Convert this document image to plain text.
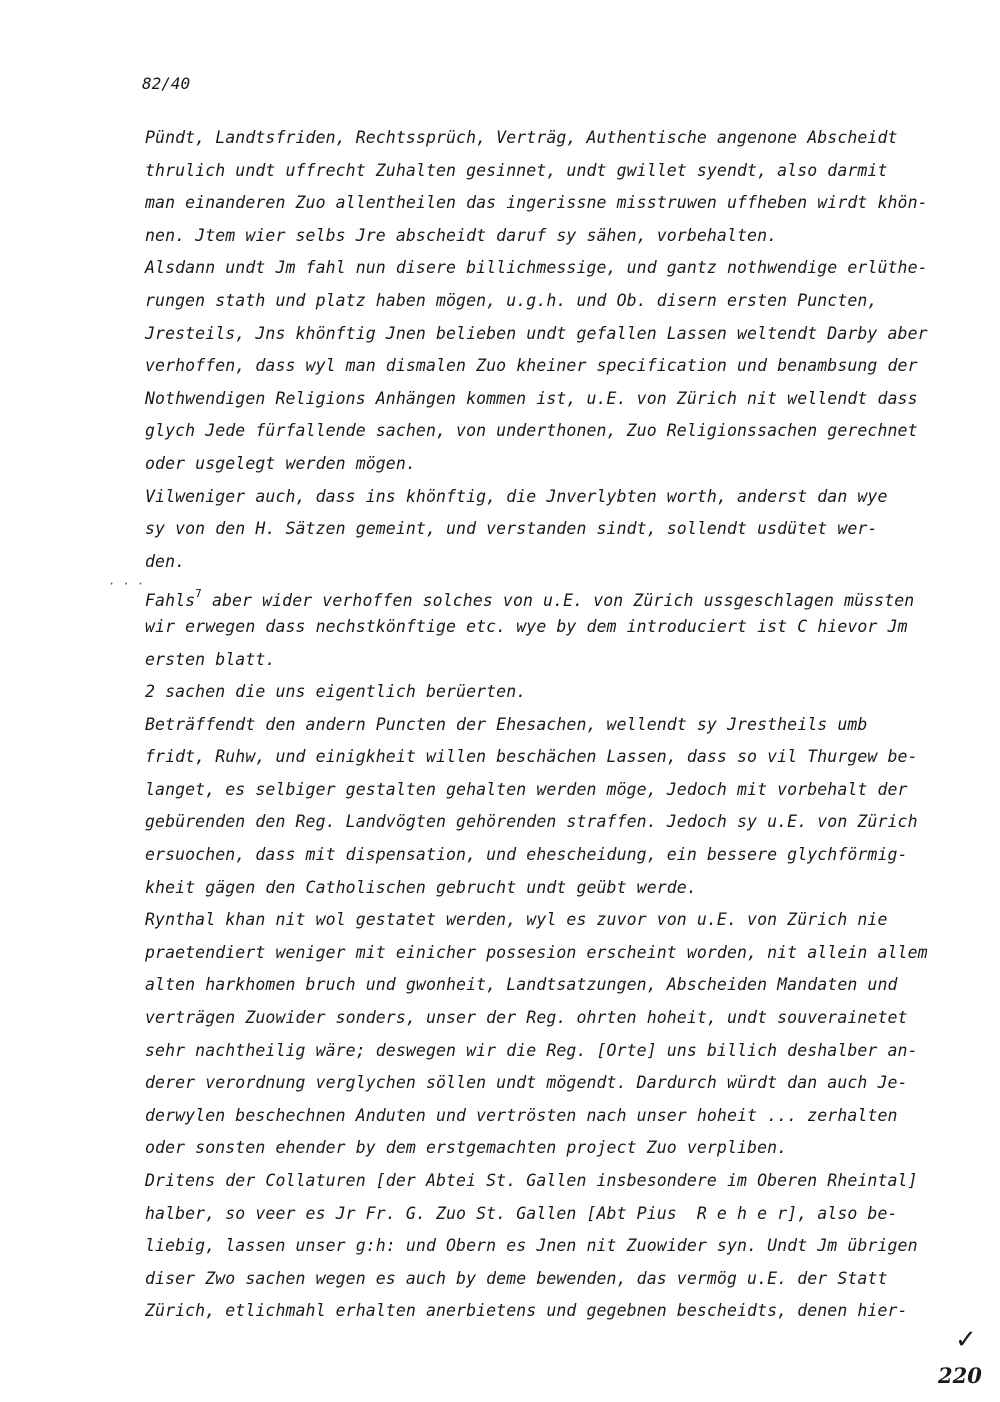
82/40
· · ·
Pündt, Landtsfriden, Rechtssprüch, Verträg, Authentische angenone Abscheidt
thrulich undt uffrecht Zuhalten gesinnet, undt gwillet syendt, also darmit
man einanderen Zuo allentheilen das ingerissne misstruwen uffheben wirdt khön-
nen. Jtem wier selbs Jre abscheidt daruf sy sähen, vorbehalten.
Alsdann undt Jm fahl nun disere billichmessige, und gantz nothwendige erlüthe-
rungen stath und platz haben mögen, u.g.h. und Ob. disern ersten Puncten,
Jresteils, Jns khönftig Jnen belieben undt gefallen Lassen weltendt Darby aber
verhoffen, dass wyl man dismalen Zuo kheiner specification und benambsung der
Nothwendigen Religions Anhängen kommen ist, u.E. von Zürich nit wellendt dass
glych Jede fürfallende sachen, von underthonen, Zuo Religionssachen gerechnet
oder usgelegt werden mögen.
Vilweniger auch, dass ins khönftig, die Jnverlybten worth, anderst dan wye
sy von den H. Sätzen gemeint, und verstanden sindt, sollendt usdütet wer-
den.
Fahls$^7$ aber wider verhoffen solches von u.E. von Zürich ussgeschlagen müssten
wir erwegen dass nechstkönftige etc. wye by dem introduciert ist C hievor Jm
ersten blatt.
2 sachen die uns eigentlich berüerten.
Beträffendt den andern Puncten der Ehesachen, wellendt sy Jrestheils umb
fridt, Ruhw, und einigkheit willen beschächen Lassen, dass so vil Thurgew be-
langet, es selbiger gestalten gehalten werden möge, Jedoch mit vorbehalt der
gebürenden den Reg. Landvögten gehörenden straffen. Jedoch sy u.E. von Zürich
ersuochen, dass mit dispensation, und ehescheidung, ein bessere glychförmig-
kheit gägen den Catholischen gebrucht undt geübt werde.
Rynthal khan nit wol gestatet werden, wyl es zuvor von u.E. von Zürich nie
praetendiert weniger mit einicher possesion erscheint worden, nit allein allem
alten harkhomen bruch und gwonheit, Landtsatzungen, Abscheiden Mandaten und
verträgen Zuowider sonders, unser der Reg. ohrten hoheit, undt souverainetet
sehr nachtheilig wäre; deswegen wir die Reg. [Orte] uns billich deshalber an-
derer verordnung verglychen söllen undt mögendt. Dardurch würdt dan auch Je-
derwylen beschechnen Anduten und vertrösten nach unser hoheit ... zerhalten
oder sonsten ehender by dem erstgemachten project Zuo verpliben.
Dritens der Collaturen [der Abtei St. Gallen insbesondere im Oberen Rheintal]
halber, so veer es Jr Fr. G. Zuo St. Gallen [Abt Pius  R e h e r], also be-
liebig, lassen unser g:h: und Obern es Jnen nit Zuowider syn. Undt Jm übrigen
diser Zwo sachen wegen es auch by deme bewenden, das vermög u.E. der Statt
Zürich, etlichmahl erhalten anerbietens und gegebnen bescheidts, denen hier-
✓
220
